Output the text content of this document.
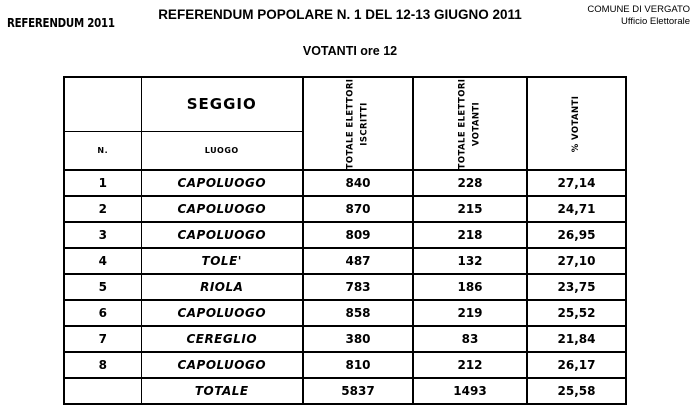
REFERENDUM 2011
REFERENDUM POPOLARE N. 1 DEL 12-13 GIUGNO 2011	COMUNE DI VERGATO
Ufficio Elettorale
VOTANTI ore 12
	SEGGIO	TOTALE ELETTORI ISCRITTI	TOTALE ELETTORI VOTANTI	% VOTANTI

N.	LUOGO			
1	CAPOLUOGO	840	228	27,14
2	CAPOLUOGO	870	215	24,71
3	CAPOLUOGO	809	218	26,95
4	TOLE'	487	132	27,10
5	RIOLA	783	186	23,75
6	CAPOLUOGO	858	219	25,52
7	CEREGLIO	380	83	21,84
8	CAPOLUOGO	810	212	26,17
	TOTALE	5837	1493	25,58
